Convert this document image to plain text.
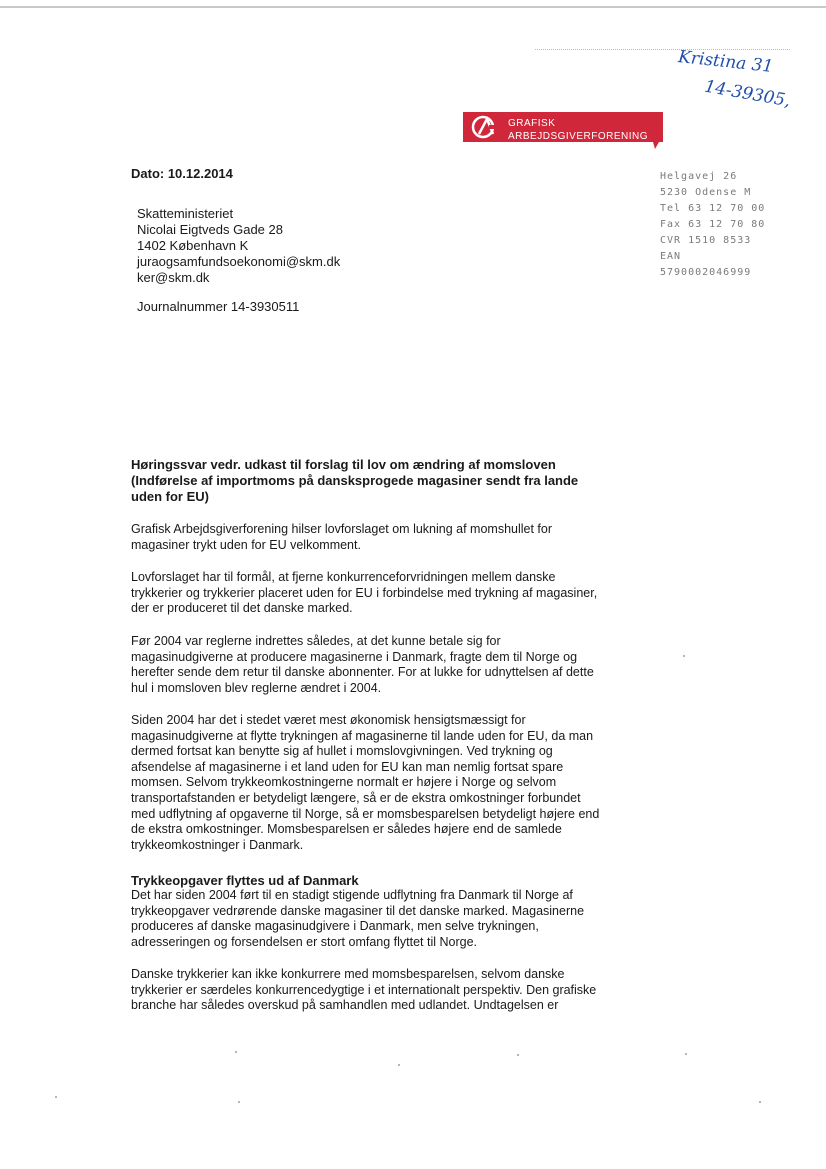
Kristina 31
14-39305,
GRAFISK
ARBEJDSGIVERFORENING
Dato: 10.12.2014
Skatteministeriet
Nicolai Eigtveds Gade 28
1402 København K
juraogsamfundsoekonomi@skm.dk
ker@skm.dk
Journalnummer 14-3930511
Helgavej 26
5230 Odense M
Tel 63 12 70 00
Fax 63 12 70 80
CVR 1510 8533
EAN
5790002046999
Høringssvar vedr. udkast til forslag til lov om ændring af momsloven (Indførelse af importmoms på dansksprogede magasiner sendt fra lande uden for EU)
Grafisk Arbejdsgiverforening hilser lovforslaget om lukning af momshullet for magasiner trykt uden for EU velkomment.
Lovforslaget har til formål, at fjerne konkurrenceforvridningen mellem danske trykkerier og trykkerier placeret uden for EU i forbindelse med trykning af magasiner, der er produceret til det danske marked.
Før 2004 var reglerne indrettes således, at det kunne betale sig for magasinudgiverne at producere magasinerne i Danmark, fragte dem til Norge og herefter sende dem retur til danske abonnenter. For at lukke for udnyttelsen af dette hul i momsloven blev reglerne ændret i 2004.
Siden 2004 har det i stedet været mest økonomisk hensigtsmæssigt for magasinudgiverne at flytte trykningen af magasinerne til lande uden for EU, da man dermed fortsat kan benytte sig af hullet i momslovgivningen. Ved trykning og afsendelse af magasinerne i et land uden for EU kan man nemlig fortsat spare momsen. Selvom trykkeomkostningerne normalt er højere i Norge og selvom transportafstanden er betydeligt længere, så er de ekstra omkostninger forbundet med udflytning af opgaverne til Norge, så er momsbesparelsen betydeligt højere end de ekstra omkostninger. Momsbesparelsen er således højere end de samlede trykkeomkostninger i Danmark.
Trykkeopgaver flyttes ud af Danmark
Det har siden 2004 ført til en stadigt stigende udflytning fra Danmark til Norge af trykkeopgaver vedrørende danske magasiner til det danske marked. Magasinerne produceres af danske magasinudgivere i Danmark, men selve trykningen, adresseringen og forsendelsen er stort omfang flyttet til Norge.
Danske trykkerier kan ikke konkurrere med momsbesparelsen, selvom danske trykkerier er særdeles konkurrencedygtige i et internationalt perspektiv. Den grafiske branche har således overskud på samhandlen med udlandet. Undtagelsen er
